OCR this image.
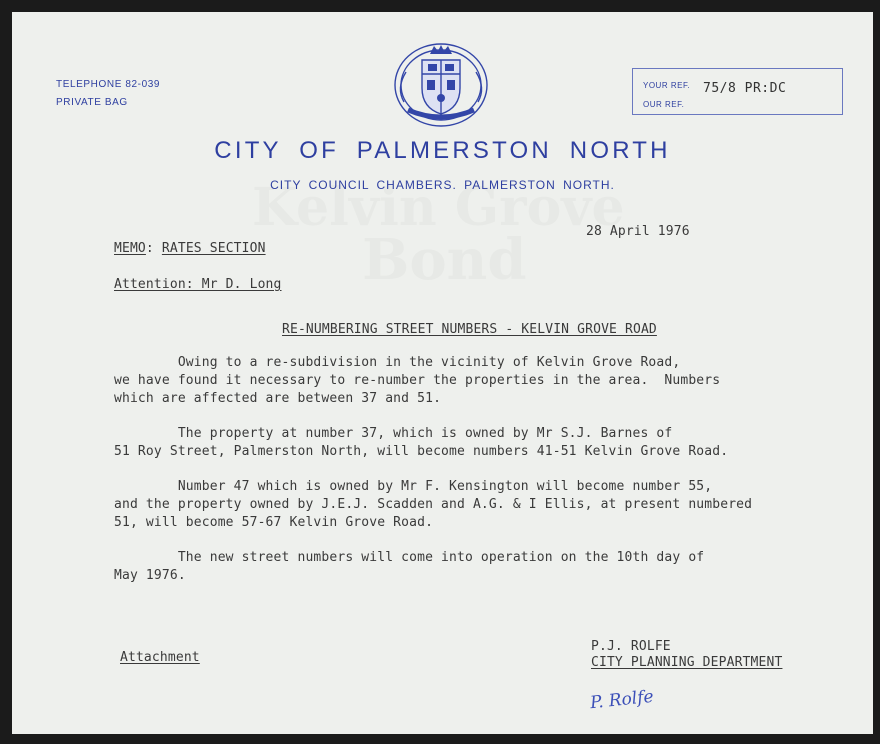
TELEPHONE 82-039
PRIVATE BAG
CITY OF PALMERSTON NORTH
CITY COUNCIL CHAMBERS. PALMERSTON NORTH.
YOUR REF.
OUR REF.
75/8 PR:DC
28 April 1976
MEMO: RATES SECTION
Attention: Mr D. Long
RE-NUMBERING STREET NUMBERS - KELVIN GROVE ROAD
Owing to a re-subdivision in the vicinity of Kelvin Grove Road,
we have found it necessary to re-number the properties in the area.  Numbers
which are affected are between 37 and 51.
The property at number 37, which is owned by Mr S.J. Barnes of
51 Roy Street, Palmerston North, will become numbers 41-51 Kelvin Grove Road.
Number 47 which is owned by Mr F. Kensington will become number 55,
and the property owned by J.E.J. Scadden and A.G. & I Ellis, at present numbered
51, will become 57-67 Kelvin Grove Road.
The new street numbers will come into operation on the 10th day of
May 1976.
Attachment
P.J. ROLFE
CITY PLANNING DEPARTMENT
P. Rolfe
